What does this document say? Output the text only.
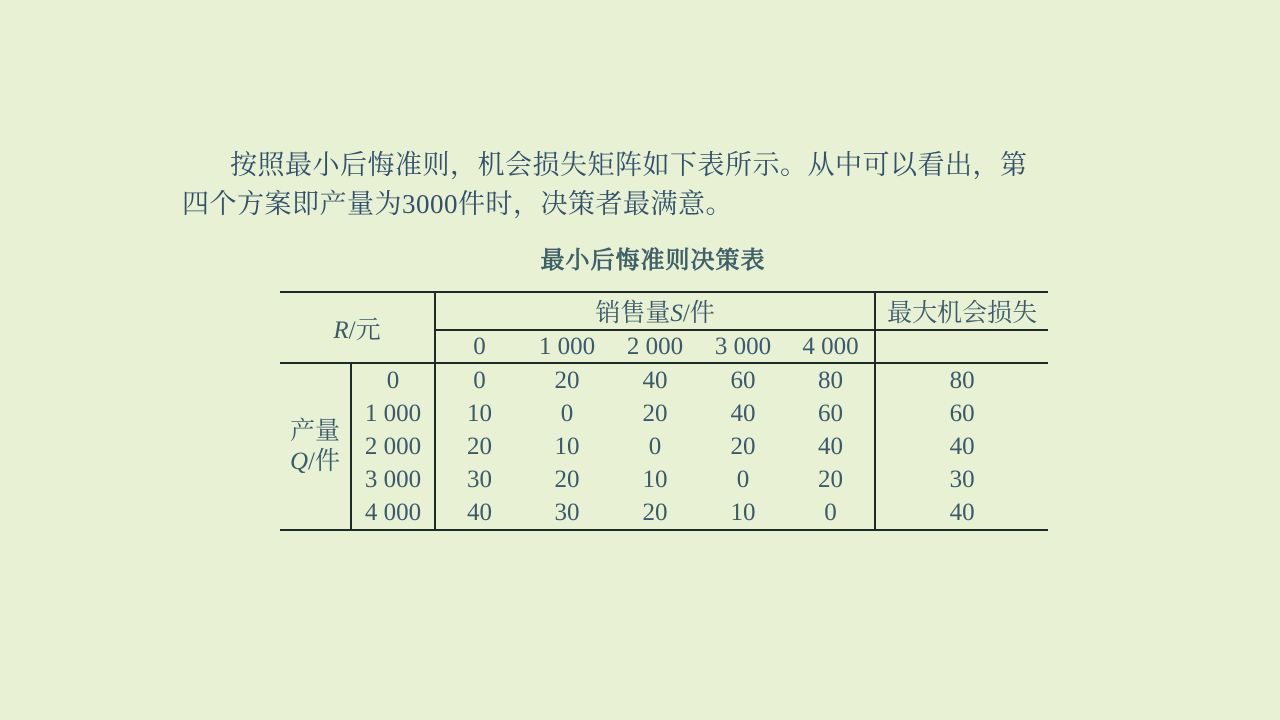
按照最小后悔准则，机会损失矩阵如下表所示。从中可以看出，第
四个方案即产量为3000件时，决策者最满意。
最小后悔准则决策表
R/元		销售量S/件					最大机会损失
		0	1 000	2 000	3 000	4 000	

产量
Q/件	0	0	20	40	60	80	80
	1 000	10	0	20	40	60	60
	2 000	20	10	0	20	40	40
	3 000	30	20	10	0	20	30
	4 000	40	30	20	10	0	40
